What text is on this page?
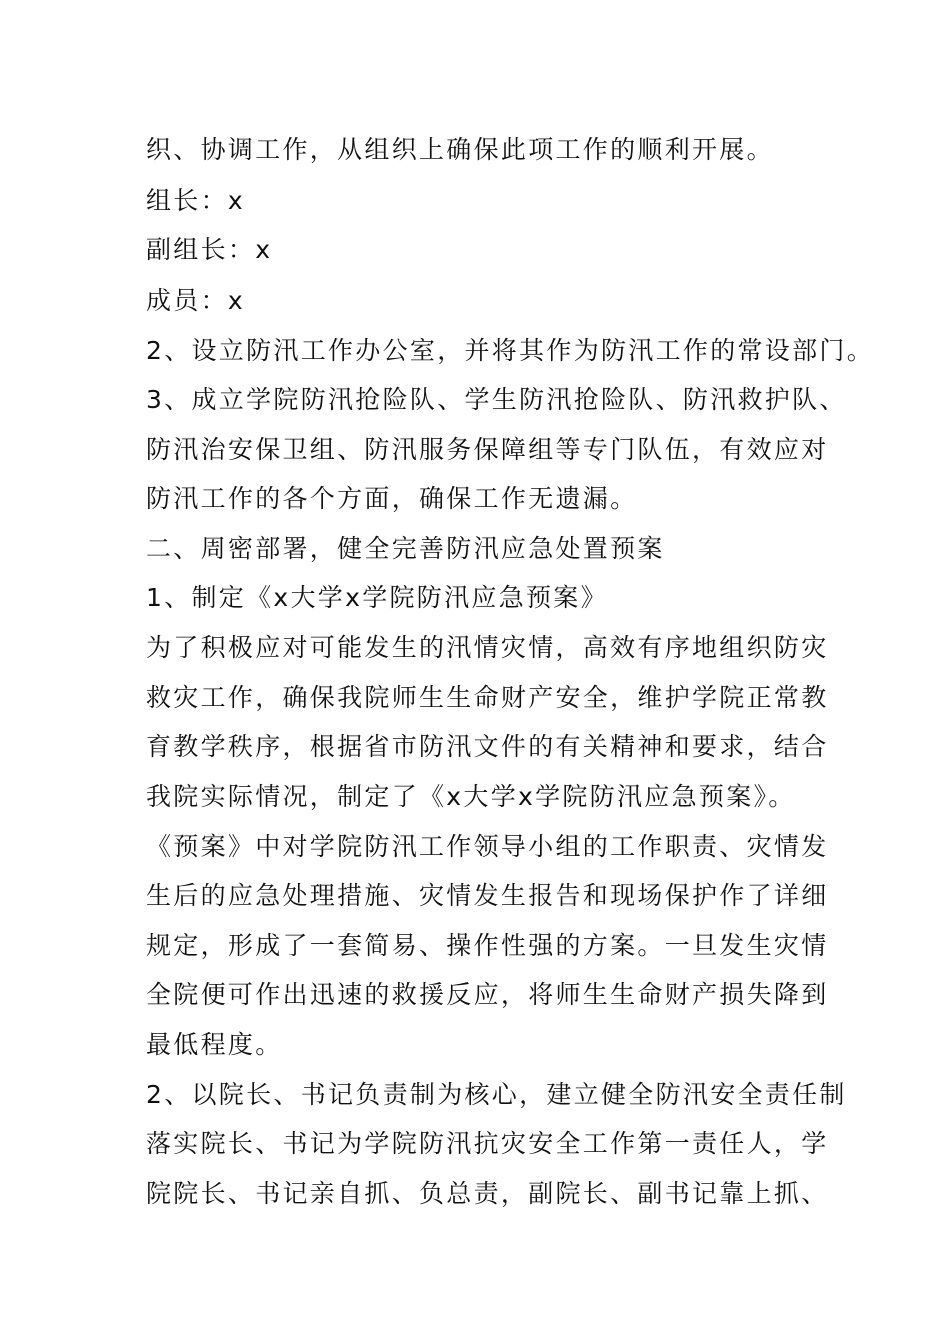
织、协调工作，从组织上确保此项工作的顺利开展。
组长：x
副组长：x
成员：x
2、设立防汛工作办公室，并将其作为防汛工作的常设部门。
3、成立学院防汛抢险队、学生防汛抢险队、防汛救护队、
防汛治安保卫组、防汛服务保障组等专门队伍，有效应对
防汛工作的各个方面，确保工作无遗漏。
二、周密部署，健全完善防汛应急处置预案
1、制定《x大学x学院防汛应急预案》
为了积极应对可能发生的汛情灾情，高效有序地组织防灾
救灾工作，确保我院师生生命财产安全，维护学院正常教
育教学秩序，根据省市防汛文件的有关精神和要求，结合
我院实际情况，制定了《x大学x学院防汛应急预案》。
《预案》中对学院防汛工作领导小组的工作职责、灾情发
生后的应急处理措施、灾情发生报告和现场保护作了详细
规定，形成了一套简易、操作性强的方案。一旦发生灾情
全院便可作出迅速的救援反应，将师生生命财产损失降到
最低程度。
2、以院长、书记负责制为核心，建立健全防汛安全责任制
落实院长、书记为学院防汛抗灾安全工作第一责任人，学
院院长、书记亲自抓、负总责，副院长、副书记靠上抓、
